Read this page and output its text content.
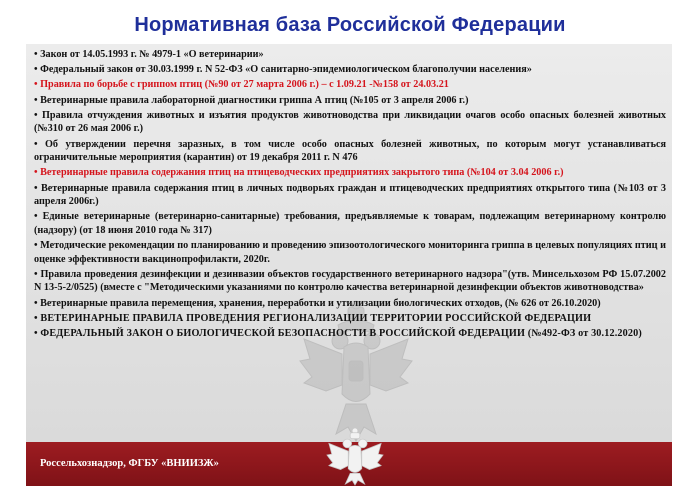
Нормативная база Российской Федерации
• Закон от 14.05.1993 г. № 4979-1 «О ветеринарии»
• Федеральный закон от 30.03.1999 г. N 52-ФЗ «О санитарно-эпидемиологическом благополучии населения»
• Правила по борьбе с гриппом птиц (№90 от 27 марта 2006 г.) – с 1.09.21 -№158 от 24.03.21
• Ветеринарные правила лабораторной диагностики гриппа А птиц (№105 от 3 апреля 2006 г.)
• Правила отчуждения животных и изъятия продуктов животноводства при ликвидации очагов особо опасных болезней животных (№310 от 26 мая 2006 г.)
• Об утверждении перечня заразных, в том числе особо опасных болезней животных, по которым могут устанавливаться ограничительные мероприятия (карантин) от 19 декабря 2011 г. N 476
• Ветеринарные правила содержания птиц на птицеводческих предприятиях закрытого типа (№104 от 3.04 2006 г.)
• Ветеринарные правила содержания птиц в личных подворьях граждан и птицеводческих предприятиях открытого типа (№103 от 3 апреля 2006г.)
• Единые ветеринарные (ветеринарно-санитарные) требования, предъявляемые к товарам, подлежащим ветеринарному контролю (надзору) (от 18 июня 2010 года № 317)
• Методические рекомендации по планированию и проведению эпизоотологического мониторинга гриппа в целевых популяциях птиц и оценке эффективности вакцинопрофилакти, 2020г.
• Правила проведения дезинфекции и дезинвазии объектов государственного ветеринарного надзора"(утв. Минсельхозом РФ 15.07.2002 N 13-5-2/0525) (вместе с "Методическими указаниями по контролю качества ветеринарной дезинфекции объектов животноводства»
• Ветеринарные правила перемещения, хранения, переработки и утилизации биологических отходов, (№ 626 от 26.10.2020)
• ВЕТЕРИНАРНЫЕ ПРАВИЛА ПРОВЕДЕНИЯ РЕГИОНАЛИЗАЦИИ ТЕРРИТОРИИ РОССИЙСКОЙ ФЕДЕРАЦИИ
• ФЕДЕРАЛЬНЫЙ ЗАКОН О БИОЛОГИЧЕСКОЙ БЕЗОПАСНОСТИ В РОССИЙСКОЙ ФЕДЕРАЦИИ (№492-ФЗ от 30.12.2020)
Россельхознадзор, ФГБУ «ВНИИЗЖ»
